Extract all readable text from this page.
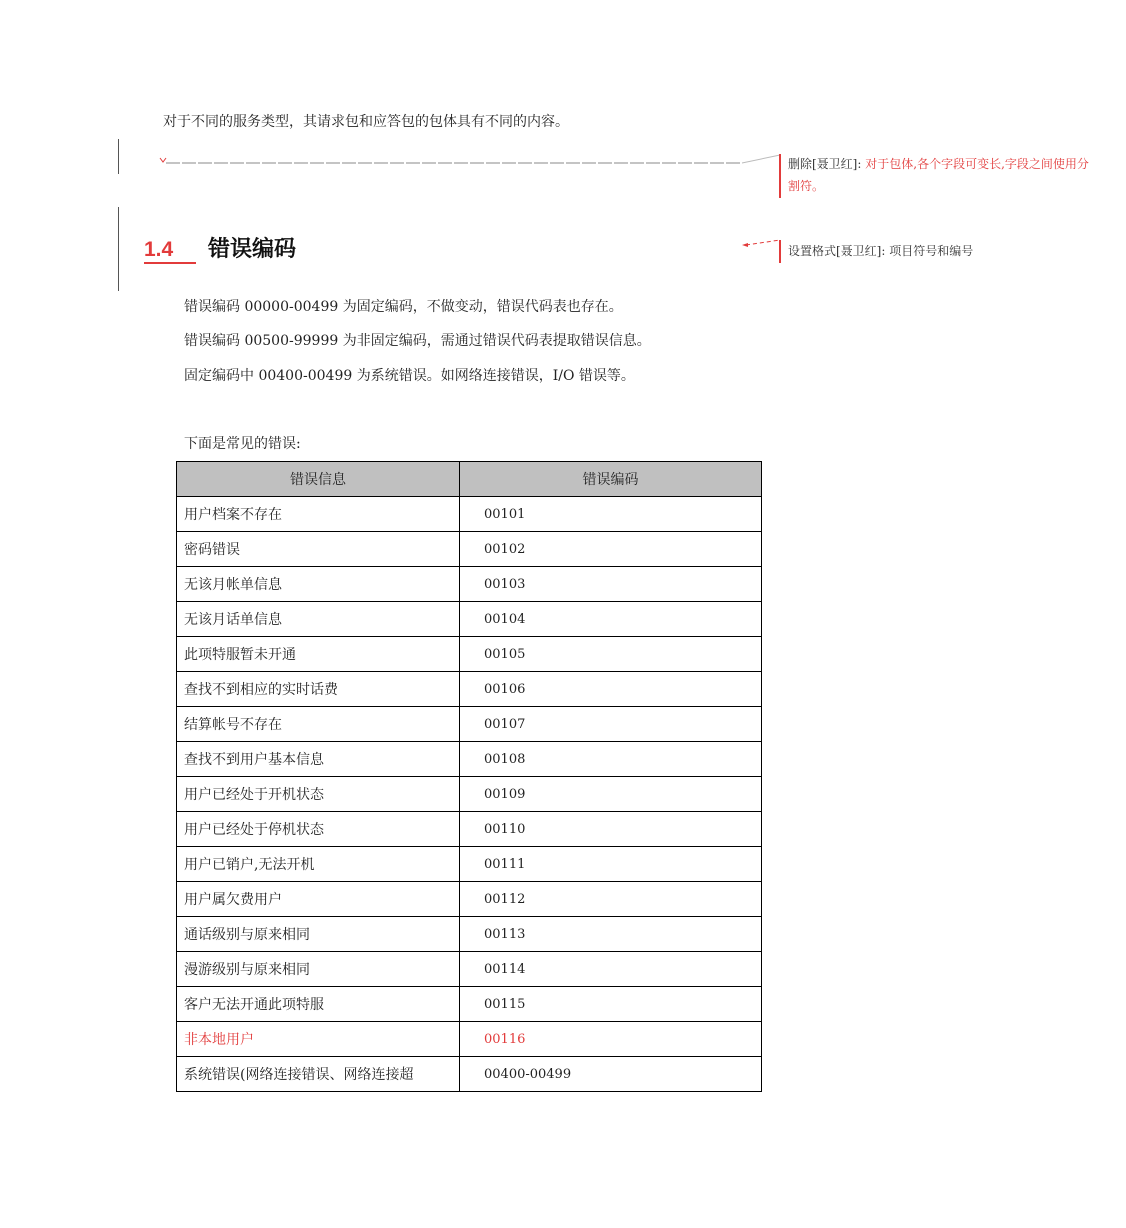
对于不同的服务类型，其请求包和应答包的包体具有不同的内容。

删除[聂卫红]: 对于包体,各个字段可变长,字段之间使用分
割符。
设置格式[聂卫红]: 项目符号和编号
1.4	错误编码

错误编码 00000-00499 为固定编码，不做变动，错误代码表也存在。

错误编码 00500-99999 为非固定编码，需通过错误代码表提取错误信息。

固定编码中 00400-00499 为系统错误。如网络连接错误，I/O 错误等。

下面是常见的错误:

错误信息	错误编码
用户档案不存在	00101
密码错误	00102
无该月帐单信息	00103
无该月话单信息	00104
此项特服暂未开通	00105
查找不到相应的实时话费	00106
结算帐号不存在	00107
查找不到用户基本信息	00108
用户已经处于开机状态	00109
用户已经处于停机状态	00110
用户已销户,无法开机	00111
用户属欠费用户	00112
通话级别与原来相同	00113
漫游级别与原来相同	00114
客户无法开通此项特服	00115
非本地用户	00116
系统错误(网络连接错误、网络连接超	00400-00499
